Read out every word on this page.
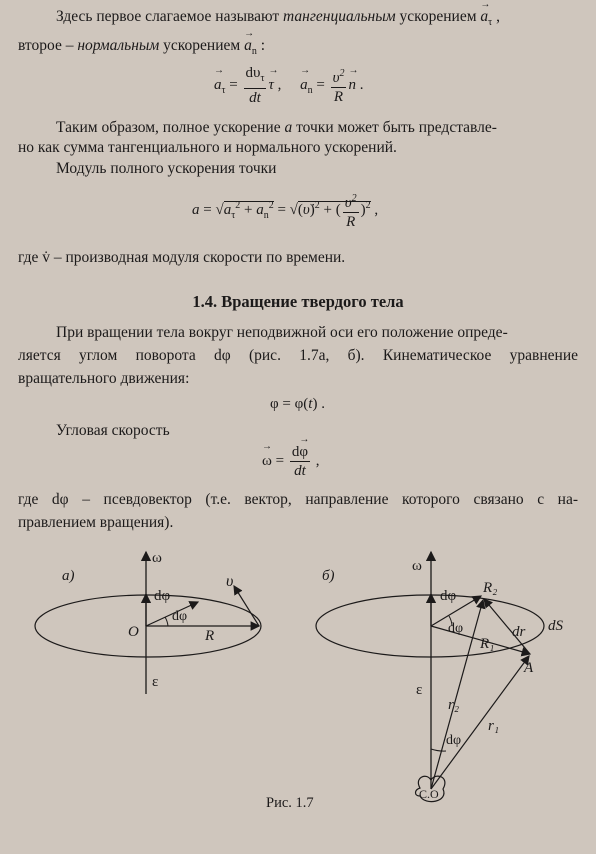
Здесь первое слагаемое называют тангенциальным ускорением → $a_\tau$ ,
второе – нормальным ускорением → $a_n$ :
→ $a_\tau = \frac{d\upsilon_\tau}{dt}$
→ τ ,     → $a_n = \frac{\upsilon^2}{R}$
→ n .
Таким образом, полное ускорение a точки может быть представле-
но как сумма тангенциального и нормального ускорений.
Модуль полного ускорения точки
$a = √a_\tau^2 + a_n^2$ = √(υ̇)$^2$ + ( $\frac{\upsilon^2}{R} )^2$ ,
где v̇ – производная модуля скорости по времени.
1.4. Вращение твердого тела
При вращении тела вокруг неподвижной оси его положение опреде-
ляется углом поворота dφ (рис. 1.7а, б). Кинематическое уравнение
вращательного движения:
φ = φ(t) .
Угловая скорость
→ $\omega = \frac{d\to \varphi}{dt}$ ,
где dφ – псевдовектор (т.е. вектор, направление которого связано с на-
правлением вращения).
а)
ω
dφ
dφ
υ
O	R
ε
б)
ω
dφ R₂
R₁
dr dS
A
dφ
r₂
r₁
dφ
ε
C.O
Рис. 1.7
